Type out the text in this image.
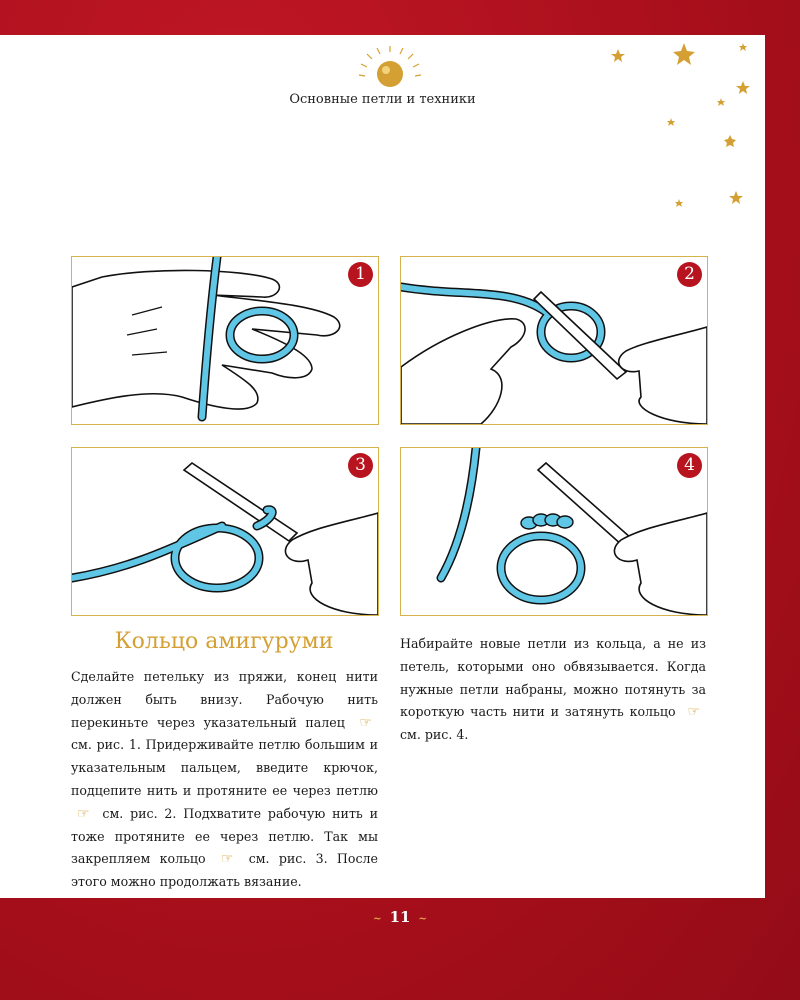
Основные петли и техники
1	2
3	4
Кольцо амигуруми
Сделайте петельку из пряжи, конец нити должен быть внизу. Рабочую нить перекиньте через указательный палец ☞ см. рис. 1. Придерживайте петлю большим и указательным пальцем, введите крючок, подцепите нить и протяните ее через петлю ☞ см. рис. 2. Подхватите рабочую нить и тоже протяните ее через петлю. Так мы закрепляем кольцо ☞ см. рис. 3. После этого можно продолжать вязание.
Набирайте новые петли из кольца, а не из петель, которыми оно обвязывается. Когда нужные петли набраны, можно потянуть за короткую часть нити и затянуть кольцо ☞ см. рис. 4.
~ 11 ~
